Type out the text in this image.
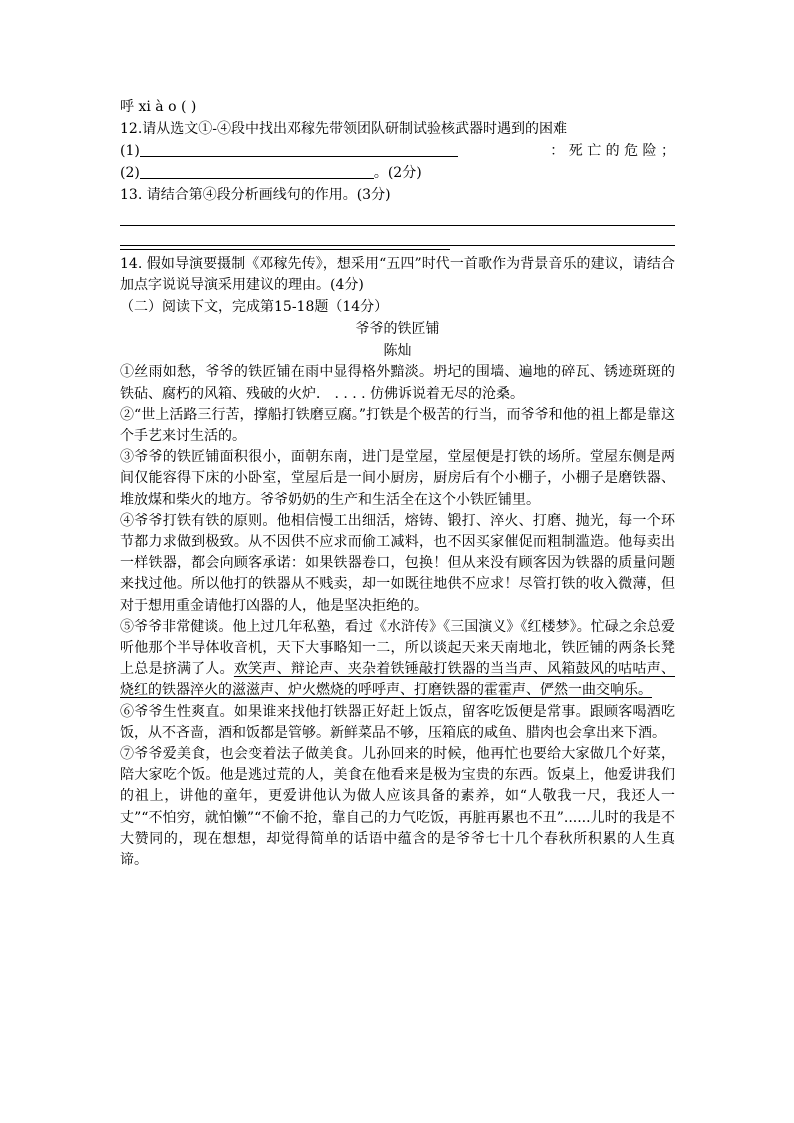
呼 xi à o ( )
12.请从选文①-④段中找出邓稼先带领团队研制试验核武器时遇到的困难
(1)	： 死 亡 的 危 险 ；
(2)	。(2分)
13. 请结合第④段分析画线句的作用。(3分)
14. 假如导演要摄制《邓稼先传》，想采用“五四”时代一首歌作为背景音乐的建议，请结合加点字说说导演采用建议的理由。(4分)
（二）阅读下文，完成第15-18题（14分）
爷爷的铁匠铺
陈灿
①丝雨如愁，爷爷的铁匠铺在雨中显得格外黯淡。坍圮的围墙、遍地的碎瓦、锈迹斑斑的铁砧、腐朽的风箱、残破的火炉． . . . . 仿佛诉说着无尽的沧桑。
②“世上活路三行苦，撑船打铁磨豆腐。”打铁是个极苦的行当，而爷爷和他的祖上都是靠这个手艺来讨生活的。
③爷爷的铁匠铺面积很小，面朝东南，进门是堂屋，堂屋便是打铁的场所。堂屋东侧是两间仅能容得下床的小卧室，堂屋后是一间小厨房，厨房后有个小棚子，小棚子是磨铁器、堆放煤和柴火的地方。爷爷奶奶的生产和生活全在这个小铁匠铺里。
④爷爷打铁有铁的原则。他相信慢工出细活，熔铸、锻打、淬火、打磨、抛光，每一个环节都力求做到极致。从不因供不应求而偷工减料，也不因买家催促而粗制滥造。他每卖出一样铁器，都会向顾客承诺：如果铁器卷口，包换！但从来没有顾客因为铁器的质量问题来找过他。所以他打的铁器从不贱卖，却一如既往地供不应求！尽管打铁的收入微薄，但对于想用重金请他打凶器的人，他是坚决拒绝的。
⑤爷爷非常健谈。他上过几年私塾，看过《水浒传》《三国演义》《红楼梦》。忙碌之余总爱听他那个半导体收音机，天下大事略知一二，所以谈起天来天南地北，铁匠铺的两条长凳上总是挤满了人。欢笑声、辩论声、夹杂着铁锤敲打铁器的当当声、风箱鼓风的咕咕声、烧红的铁器淬火的滋滋声、炉火燃烧的呼呼声、打磨铁器的霍霍声、俨然一曲交响乐。
⑥爷爷生性爽直。如果谁来找他打铁器正好赶上饭点，留客吃饭便是常事。跟顾客喝酒吃饭，从不吝啬，酒和饭都是管够。新鲜菜品不够，压箱底的咸鱼、腊肉也会拿出来下酒。
⑦爷爷爱美食，也会变着法子做美食。儿孙回来的时候，他再忙也要给大家做几个好菜，陪大家吃个饭。他是逃过荒的人，美食在他看来是极为宝贵的东西。饭桌上，他爱讲我们的祖上，讲他的童年，更爱讲他认为做人应该具备的素养，如“人敬我一尺，我还人一丈”“不怕穷，就怕懒”“不偷不抢，靠自己的力气吃饭，再脏再累也不丑”......儿时的我是不大赞同的，现在想想，却觉得简单的话语中蕴含的是爷爷七十几个春秋所积累的人生真谛。
